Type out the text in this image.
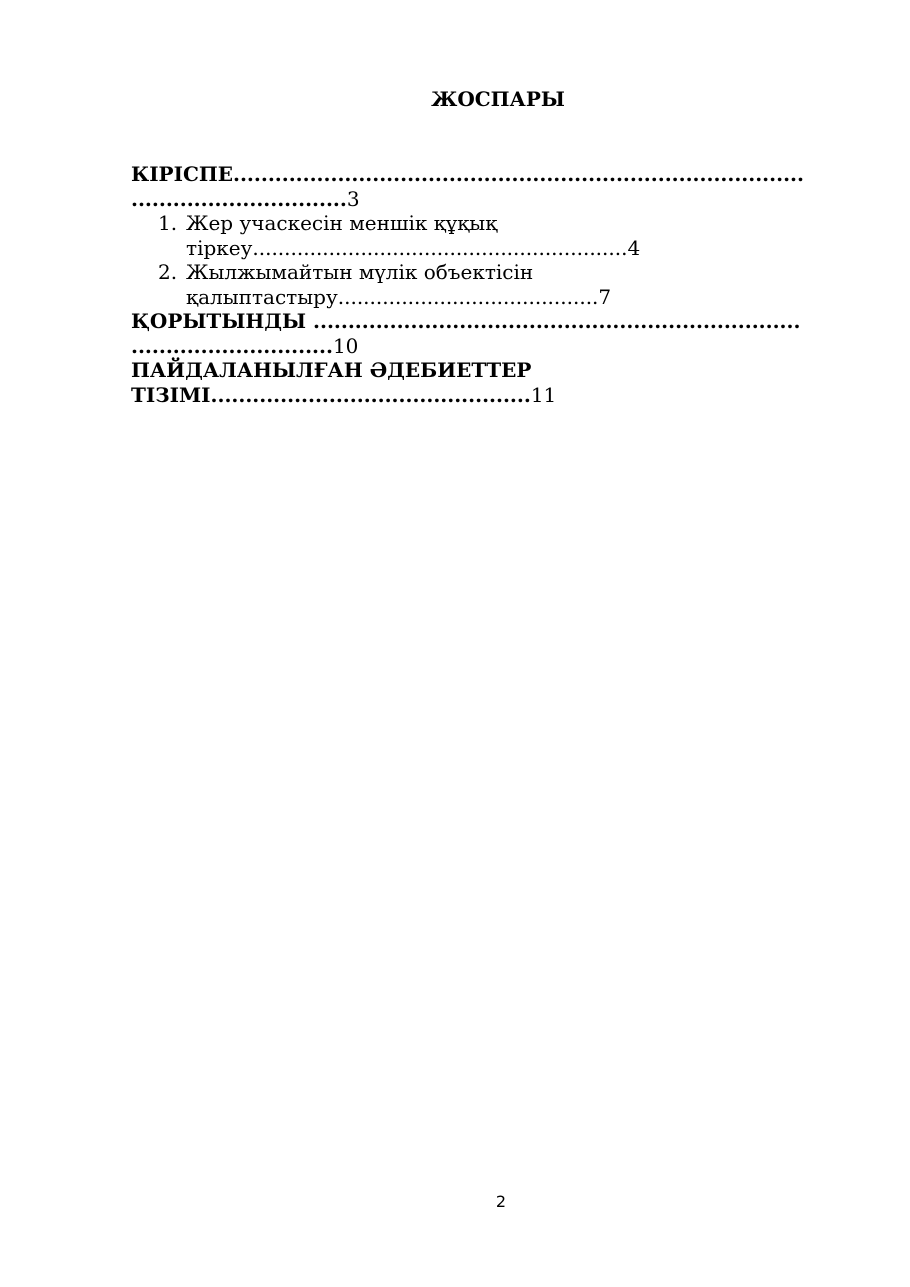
ЖОСПАРЫ

КІРІСПЕ..................................................................................
...............................3

1. Жер учаскесін меншік құқық тіркеу...........................................................4

2. Жылжымайтын мүлік объектісін қалыптастыру.........................................7

ҚОРЫТЫНДЫ ......................................................................
.............................10

ПАЙДАЛАНЫЛҒАН ӘДЕБИЕТТЕР
ТІЗІМІ..............................................11

2
